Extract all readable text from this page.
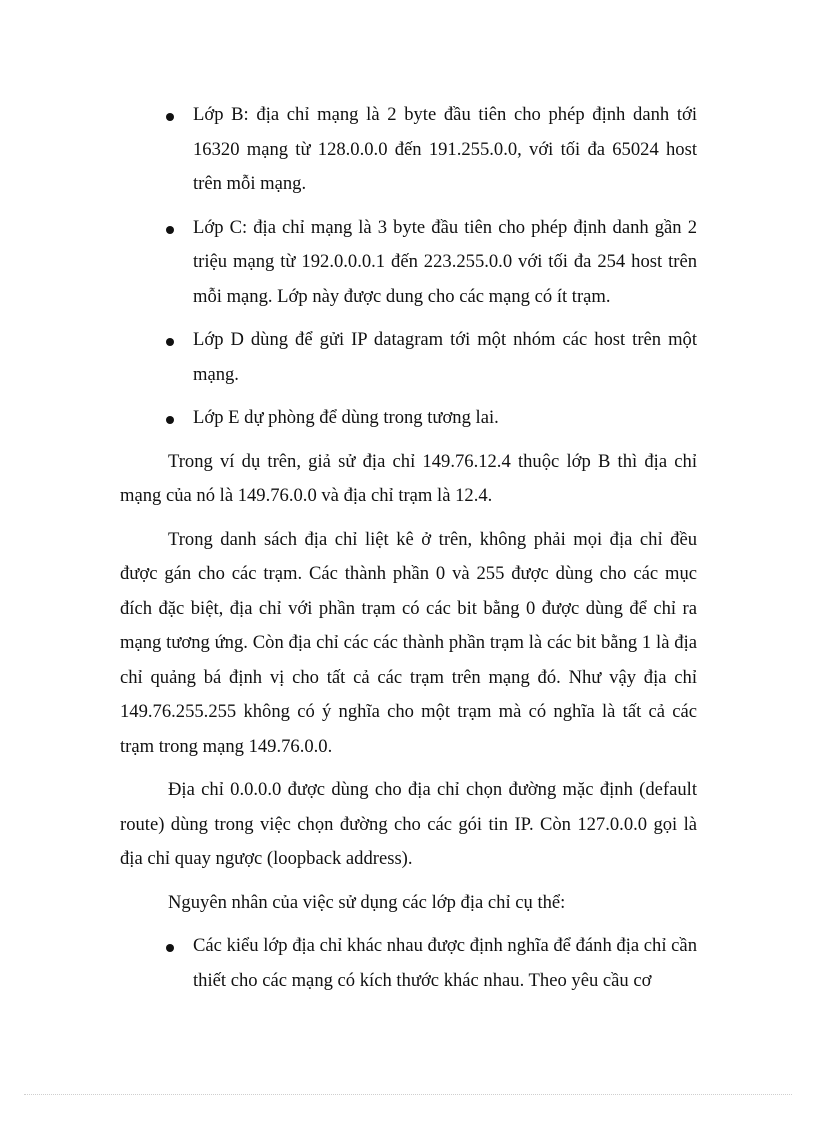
Lớp B: địa chỉ mạng là 2 byte đầu tiên cho phép định danh tới 16320 mạng từ 128.0.0.0 đến 191.255.0.0, với tối đa 65024 host trên mỗi mạng.
Lớp C: địa chỉ mạng là 3 byte đầu tiên cho phép định danh gần 2 triệu mạng từ 192.0.0.0.1 đến 223.255.0.0 với tối đa 254 host trên mỗi mạng. Lớp này được dung cho các mạng có ít trạm.
Lớp D dùng để gửi IP datagram tới một nhóm các host trên một mạng.
Lớp E dự phòng để dùng trong tương lai.

Trong ví dụ trên, giả sử địa chỉ 149.76.12.4 thuộc lớp B thì địa chỉ mạng của nó là 149.76.0.0 và địa chỉ trạm là 12.4.

Trong danh sách địa chỉ liệt kê ở trên, không phải mọi địa chỉ đều được gán cho các trạm. Các thành phần 0 và 255 được dùng cho các mục đích đặc biệt, địa chỉ với phần trạm có các bit bằng 0 được dùng để chỉ ra mạng tương ứng. Còn địa chỉ các các thành phần trạm là các bit bằng 1 là địa chỉ quảng bá định vị cho tất cả các trạm trên mạng đó. Như vậy địa chỉ 149.76.255.255 không có ý nghĩa cho một trạm mà có nghĩa là tất cả các trạm trong mạng 149.76.0.0.

Địa chỉ 0.0.0.0 được dùng cho địa chỉ chọn đường mặc định (default route) dùng trong việc chọn đường cho các gói tin IP. Còn 127.0.0.0 gọi là địa chỉ quay ngược (loopback address).

Nguyên nhân của việc sử dụng các lớp địa chỉ cụ thể:

Các kiểu lớp địa chỉ khác nhau được định nghĩa để đánh địa chỉ cần thiết cho các mạng có kích thước khác nhau. Theo yêu cầu cơ
